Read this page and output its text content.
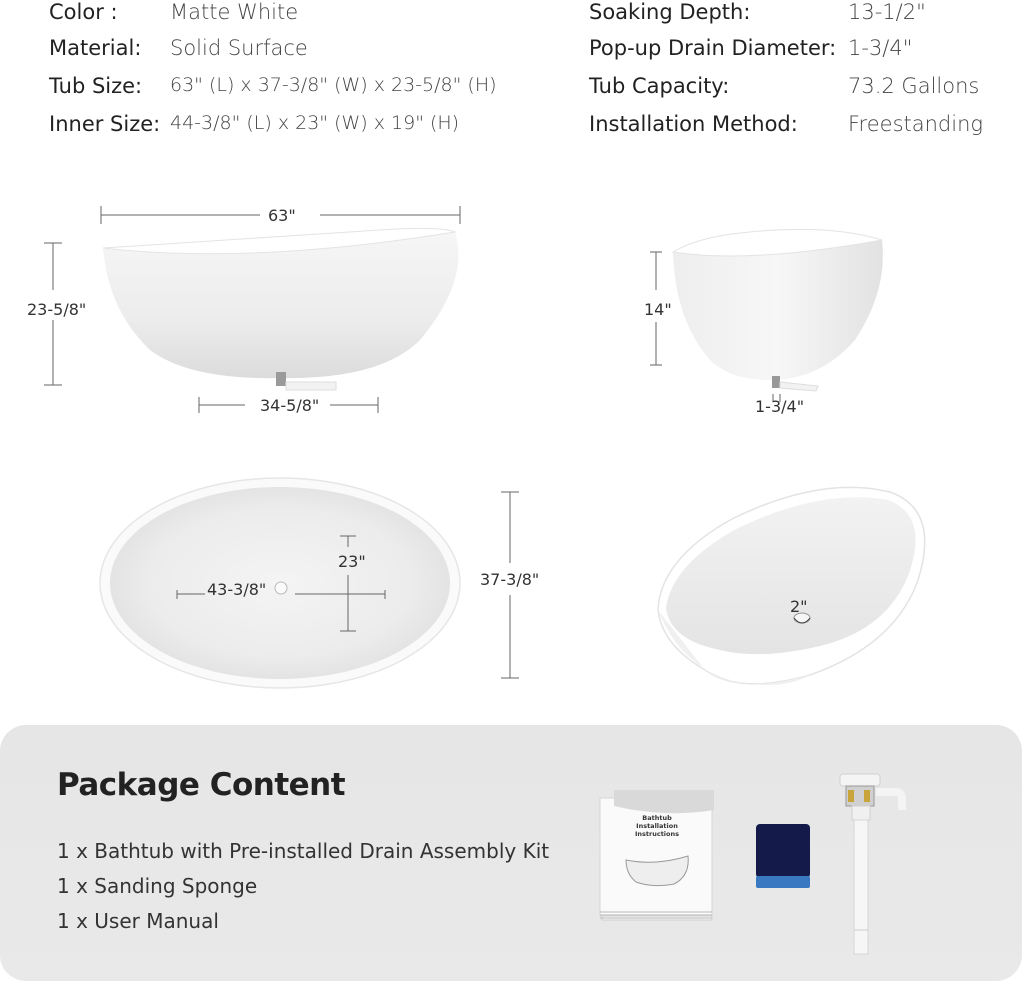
Color : Matte White
Material: Solid Surface
Tub Size: 63" (L) x 37-3/8" (W) x 23-5/8" (H)
Inner Size: 44-3/8" (L) x 23" (W) x 19" (H)
Soaking Depth:	13-1/2"
Pop-up Drain Diameter: 1-3/4"
Tub Capacity:	73.2 Gallons
Installation Method: Freestanding
63"
23-5/8"
34-5/8"
14"
1-3/4"
43-3/8"
23"
37-3/8"
2"
Package Content
1 x Bathtub with Pre-installed Drain Assembly Kit
1 x Sanding Sponge
1 x User Manual
Bathtub Installation Instructions
